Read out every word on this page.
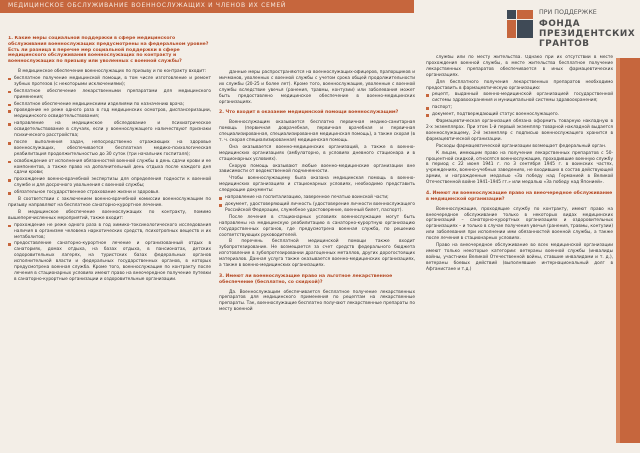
МЕДИЦИНСКОЕ ОБСЛУЖИВАНИЕ ВОЕННОСЛУЖАЩИХ И ЧЛЕНОВ ИХ СЕМЕЙ
ПРИ ПОДДЕРЖКЕ
ФОНДА
ПРЕЗИДЕНТСКИХ
ГРАНТОВ
1. Какие меры социальной поддержки в сфере медицинского обслуживания военнослужащих предусмотрены на федеральном уровне? Есть ли разница в перечне мер социальной поддержки в сфере медицинского обслуживания военнослужащих по контракту и военнослужащих по призыву или уволенных с военной службы?
В медицинское обеспечение военнослужащих по призыву и по контракту входит:
бесплатное получение медицинской помощи, в том числе изготовление и ремонт зубных протезов (с некоторыми исключениями);
бесплатное обеспечение лекарственными препаратами для медицинского применения;
бесплатное обеспечение медицинскими изделиями по назначению врача;
проведение не реже одного раза в год медицинских осмотров, диспансеризации, медицинского освидетельствования;
направление на медицинское обследование и психиатрическое освидетельствование в случаях, если у военнослужащего наличествуют признаки психического расстройства;
после выполнения задач, непосредственно отражающих на здоровье военнослужащих, обеспечивается бесплатная медико-психологическая реабилитация продолжительностью до 30 суток (три начальник госпиталя);
освобождение от исполнения обязанностей военной службы в день сдачи крови и ее компонентов, а также право на дополнительный день отдыха после каждого дня сдачи крови;
прохождение военно-врачебной экспертизы для определения годности к военной службе и для досрочного увольнения с военной службы;
обязательное государственное страхование жизни и здоровья.
В соответствии с заключением военно-врачебной комиссии военнослужащим по призыву направляют на бесплатное санаторно-курортное лечение.
В медицинское обеспечение военнослужащих по контракту, помимо вышеперечисленных мероприятий, также входит:
прохождение не реже одного раза в год химико-токсикологического исследования наличия в организме человека наркотических средств, психотропных веществ и их метаболитов;
предоставление санаторно-курортное лечение и организованный отдых в санаториях, домах отдыха, на базах отдыха, в пансионатах, детских оздоровительных лагерях, на туристских базах федеральных органов исполнительной власти и федеральных государственных органов, в которых предусмотрена военная служба. Кроме того, военнослужащие по контракту после лечения в стационарных условиях имеют право на внеочередное получение путевки в санаторно-курортные организации и оздоровительные организации.
Данные меры распространяются на военнослужащих-офицеров, прапорщиков и мичманов, уволенных с военной службы с учетом срока общей продолжительности их службы (20-25 и более лет). Кроме того, военнослужащие, уволенные с военной службы вследствие увечья (ранения, травмы, контузии) или заболевания может быть предоставлено медицинское обеспечение в военно-медицинских организациях.
2. Что входит в оказание медицинской помощи военнослужащим?
Военнослужащим оказывается бесплатно первичная медико-санитарная помощь (первичная доврачебная, первичная врачебная и первичная специализированная, специализированная медицинская помощь), а также скорая (в т. ч. скорая специализированная) медицинская помощь.
Она оказывается военно-медицинских организаций, а также в военно-медицинских организациях (амбулаторно, в условиях дневного стационара и в стационарных условиях).
Скорую помощь оказывают любые военно-медицинские организации вне зависимости от ведомственной подчиненности.
Чтобы военнослужащему была оказана медицинская помощь в военно-медицинских организациях и стационарных условиях, необходимо представить следующие документы:
направление на госпитализацию, заверенное печатью воинской части;
документ, удостоверяющий личность (удостоверение личности военнослужащего Российской Федерации, служебное удостоверение, военный билет, паспорт).
После лечения в стационарных условиях военнослужащие могут быть направлены на медицинскую реабилитацию в санаторно-курортную организацию государственных органов, где предусмотрена военная служба, по решению соответствующих руководителей.
В перечень бесплатной медицинской помощи также входит зубопротезирование. Не возмещается за счет средств федерального бюджета изготовление в зубопротезировании драгоценных металлов, других дорогостоящих материалов. Данная услуга также оказывается военно-медицинских организациях, а также в военно-медицинских организациях.
3. Имеют ли военнослужащие право на льготное лекарственное обеспечение (бесплатно, со скидкой)?
Да. Военнослужащим обеспечивается бесплатное получение лекарственных препаратов для медицинского применения по рецептам на лекарственные препараты. Так, военнослужащие бесплатно получают лекарственные препараты по месту военной
службы или по месту жительства. Однако при их отсутствии в месте прохождения военной службы, в месте жительства бесплатное получение лекарственных препаратов обеспечивается в иных фармацевтических организациях.
Для бесплатного получения лекарственных препаратов необходимо предоставить в фармацевтическую организацию:
рецепт, выданный военно-медицинской организацией государственной системы здравоохранения и муниципальной системы здравоохранения;
паспорт;
документ, подтверждающий статус военнослужащего.
Фармацевтическая организация обязана оформить товарную накладную в 2-х экземплярах. При этом 1-й первый экземпляр товарной накладной выдается военнослужащему, 2-й экземпляр с подписью военнослужащего хранится в фармацевтической организации.
Расходы фармацевтической организации возмещает федеральный орган.
К лицам, имеющим право на получение лекарственных препаратов с 50-процентной скидкой, относятся военнослужащие, проходившие военную службу в период с 22 июня 1941 г. по 3 сентября 1945 г. в воинских частях, учреждениях, военно-учебных заведениях, не входивших в состав действующей армии, и награжденные медалью «За победу над Германией в Великой Отечественной войне 1941–1945 гг.» или медалью «За победу над Японией».
4. Имеют ли военнослужащие право на внеочередное обслуживание в медицинской организации?
Военнослужащие, проходящие службу по контракту, имеют право на внеочередное обслуживание только в некоторых видах медицинских организаций – санаторно-курортных организациях и оздоровительных организациях – и только в случае получения увечья (ранения, травмы, контузии) или заболевания при исполнении ими обязанностей военной службы, а также после лечения в стационарных условиях.
Право на внеочередное обслуживание во всех медицинской организации имеют только некоторые категории: ветераны военной службы (инвалиды войны, участники Великой Отечественной войны, ставшие инвалидами и т. д.), ветераны боевых действий (выполнявшие интернациональный долг в Афганистане и т.д.)
